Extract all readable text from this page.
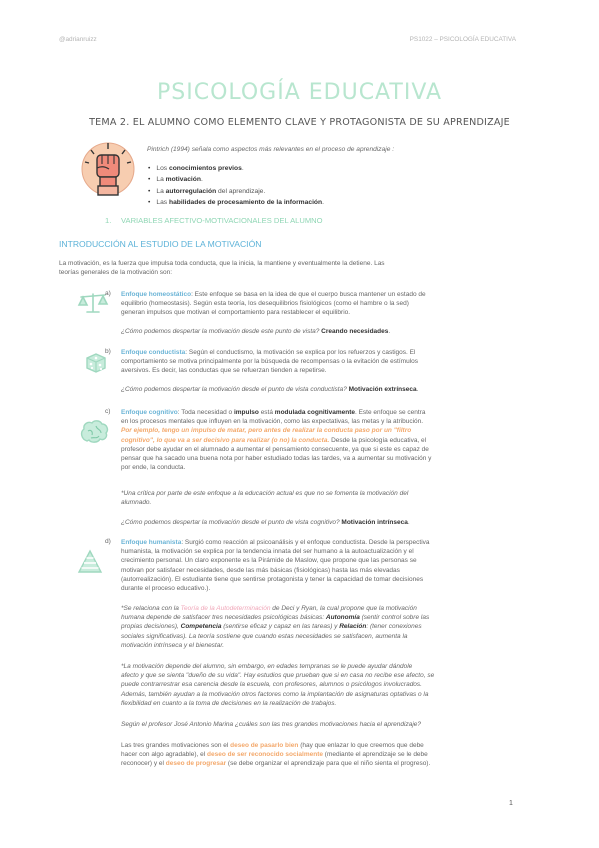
@adrianruizz	PS1022 – PSICOLOGÍA EDUCATIVA
PSICOLOGÍA EDUCATIVA
TEMA 2. EL ALUMNO COMO ELEMENTO CLAVE Y PROTAGONISTA DE SU APRENDIZAJE
Pintrich (1994) señala como aspectos más relevantes en el proceso de aprendizaje :
• Los conocimientos previos.
• La motivación.
• La autorregulación del aprendizaje.
• Las habilidades de procesamiento de la información.
1. VARIABLES AFECTIVO-MOTIVACIONALES DEL ALUMNO
INTRODUCCIÓN AL ESTUDIO DE LA MOTIVACIÓN

La motivación, es la fuerza que impulsa toda conducta, que la inicia, la mantiene y eventualmente la detiene. Las
teorías generales de la motivación son:

a) Enfoque homeostático: Este enfoque se basa en la idea de que el cuerpo busca mantener un estado de
equilibrio (homeostasis). Según esta teoría, los desequilibrios fisiológicos (como el hambre o la sed)
generan impulsos que motivan el comportamiento para restablecer el equilibrio.

¿Cómo podemos despertar la motivación desde este punto de vista? Creando necesidades.

b) Enfoque conductista: Según el conductismo, la motivación se explica por los refuerzos y castigos. El
comportamiento se motiva principalmente por la búsqueda de recompensas o la evitación de estímulos
aversivos. Es decir, las conductas que se refuerzan tienden a repetirse.

¿Cómo podemos despertar la motivación desde el punto de vista conductista? Motivación extrínseca.

c) Enfoque cognitivo: Toda necesidad o impulso está modulada cognitivamente. Este enfoque se centra
en los procesos mentales que influyen en la motivación, como las expectativas, las metas y la atribución.
Por ejemplo, tengo un impulso de matar, pero antes de realizar la conducta paso por un "filtro
cognitivo", lo que va a ser decisivo para realizar (o no) la conducta. Desde la psicología educativa, el
profesor debe ayudar en el alumnado a aumentar el pensamiento consecuente, ya que si este es capaz de
pensar que ha sacado una buena nota por haber estudiado todas las tardes, va a aumentar su motivación y
por ende, la conducta.

*Una crítica por parte de este enfoque a la educación actual es que no se fomenta la motivación del
alumnado.

¿Cómo podemos despertar la motivación desde el punto de vista cognitivo? Motivación intrínseca.

d) Enfoque humanista: Surgió como reacción al psicoanálisis y el enfoque conductista. Desde la perspectiva
humanista, la motivación se explica por la tendencia innata del ser humano a la autoactualización y el
crecimiento personal. Un claro exponente es la Pirámide de Maslow, que propone que las personas se
motivan por satisfacer necesidades, desde las más básicas (fisiológicas) hasta las más elevadas
(autorrealización). El estudiante tiene que sentirse protagonista y tener la capacidad de tomar decisiones
durante el proceso educativo.).

*Se relaciona con la Teoría de la Autodeterminación de Deci y Ryan, la cual propone que la motivación
humana depende de satisfacer tres necesidades psicológicas básicas: Autonomía (sentir control sobre las
propias decisiones), Competencia (sentirse eficaz y capaz en las tareas) y Relación: (tener conexiones
sociales significativas). La teoría sostiene que cuando estas necesidades se satisfacen, aumenta la
motivación intrínseca y el bienestar.

*La motivación depende del alumno, sin embargo, en edades tempranas se le puede ayudar dándole
afecto y que se sienta "dueño de su vida". Hay estudios que prueban que si en casa no recibe ese afecto, se
puede contrarrestrar esa carencia desde la escuela, con profesores, alumnos o psicólogos involucrados.
Además, también ayudan a la motivación otros factores como la implantación de asignaturas optativas o la
flexibilidad en cuanto a la toma de decisiones en la realización de trabajos.

Según el profesor José Antonio Marina ¿cuáles son las tres grandes motivaciones hacia el aprendizaje?

Las tres grandes motivaciones son el deseo de pasarlo bien (hay que enlazar lo que creemos que debe
hacer con algo agradable), el deseo de ser reconocido socialmente (mediante el aprendizaje se le debe
reconocer) y el deseo de progresar (se debe organizar el aprendizaje para que el niño sienta el progreso).

1
